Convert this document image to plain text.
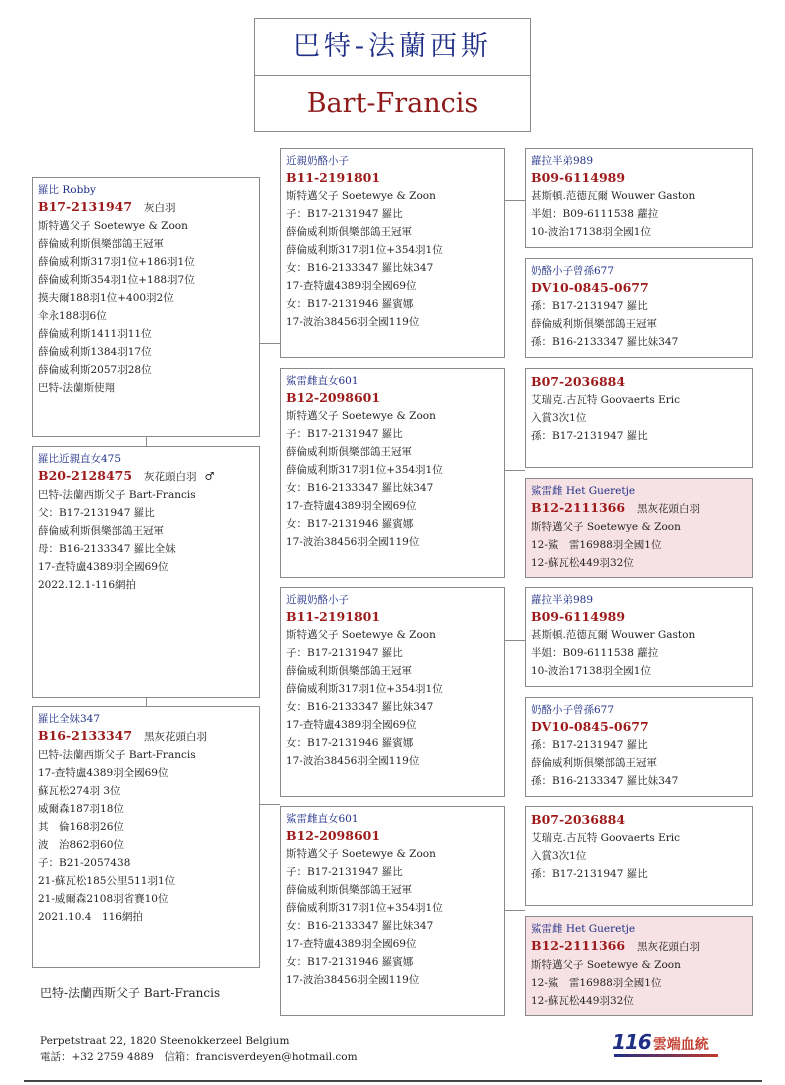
巴特-法蘭西斯
Bart-Francis
羅比 Robby
B17-2131947 灰白羽
斯特邁父子 Soetewye & Zoon
薛倫威利斯俱樂部鴿王冠軍
薛倫威利斯317羽1位+186羽1位
薛倫威利斯354羽1位+188羽7位
摸夫爾188羽1位+400羽2位
伞永188羽6位
薛倫威利斯1411羽11位
薛倫威利斯1384羽17位
薛倫威利斯2057羽28位
巴特-法蘭斯使翔
羅比近親直女475
B20-2128475 灰花頭白羽 ♂
巴特-法蘭西斯父子 Bart-Francis
父：B17-2131947 羅比
薛倫威利斯俱樂部鴿王冠軍
母：B16-2133347 羅比全妹
17-查特盧4389羽全國69位
2022.12.1-116網拍
羅比全妹347
B16-2133347 黑灰花頭白羽
巴特-法蘭西斯父子 Bart-Francis
17-查特盧4389羽全國69位
蘇瓦松274羽 3位
威爾森187羽18位
其　倫168羽26位
波　治862羽60位
子：B21-2057438
21-蘇瓦松185公里511羽1位
21-威爾森2108羽省賽10位
2021.10.4　116網拍
近親奶酪小子
B11-2191801
斯特邁父子 Soetewye & Zoon
子：B17-2131947 羅比
薛倫威利斯俱樂部鴿王冠軍
薛倫威利斯317羽1位+354羽1位
女：B16-2133347 羅比妹347
17-查特盧4389羽全國69位
女：B17-2131946 羅賓娜
17-波治38456羽全國119位
鯊雷雌直女601
B12-2098601
斯特邁父子 Soetewye & Zoon
子：B17-2131947 羅比
薛倫威利斯俱樂部鴿王冠軍
薛倫威利斯317羽1位+354羽1位
女：B16-2133347 羅比妹347
17-查特盧4389羽全國69位
女：B17-2131946 羅賓娜
17-波治38456羽全國119位
近親奶酪小子
B11-2191801
斯特邁父子 Soetewye & Zoon
子：B17-2131947 羅比
薛倫威利斯俱樂部鴿王冠軍
薛倫威利斯317羽1位+354羽1位
女：B16-2133347 羅比妹347
17-查特盧4389羽全國69位
女：B17-2131946 羅賓娜
17-波治38456羽全國119位
鯊雷雌直女601
B12-2098601
斯特邁父子 Soetewye & Zoon
子：B17-2131947 羅比
薛倫威利斯俱樂部鴿王冠軍
薛倫威利斯317羽1位+354羽1位
女：B16-2133347 羅比妹347
17-查特盧4389羽全國69位
女：B17-2131946 羅賓娜
17-波治38456羽全國119位
蘿拉半弟989
B09-6114989
甚斯頓.范德瓦爾 Wouwer Gaston
半姐：B09-6111538 蘿拉
10-波治17138羽全國1位
奶酪小子曾孫677
DV10-0845-0677
孫：B17-2131947 羅比
薛倫威利斯俱樂部鴿王冠軍
孫：B16-2133347 羅比妹347
B07-2036884
艾瑞克.古瓦特 Goovaerts Eric
入賞3次1位
孫：B17-2131947 羅比
鯊雷雌 Het Gueretje
B12-2111366 黑灰花頭白羽
斯特邁父子 Soetewye & Zoon
12-鯊　雷16988羽全國1位
12-蘇瓦松449羽32位
蘿拉半弟989
B09-6114989
甚斯頓.范德瓦爾 Wouwer Gaston
半姐：B09-6111538 蘿拉
10-波治17138羽全國1位
奶酪小子曾孫677
DV10-0845-0677
孫：B17-2131947 羅比
薛倫威利斯俱樂部鴿王冠軍
孫：B16-2133347 羅比妹347
B07-2036884
艾瑞克.古瓦特 Goovaerts Eric
入賞3次1位
孫：B17-2131947 羅比
鯊雷雌 Het Gueretje
B12-2111366 黑灰花頭白羽
斯特邁父子 Soetewye & Zoon
12-鯊　雷16988羽全國1位
12-蘇瓦松449羽32位
巴特-法蘭西斯父子 Bart-Francis
Perpetstraat 22, 1820 Steenokkerzeel Belgium
電話：+32 2759 4889　信箱：francisverdeyen@hotmail.com
116 雲端血統
